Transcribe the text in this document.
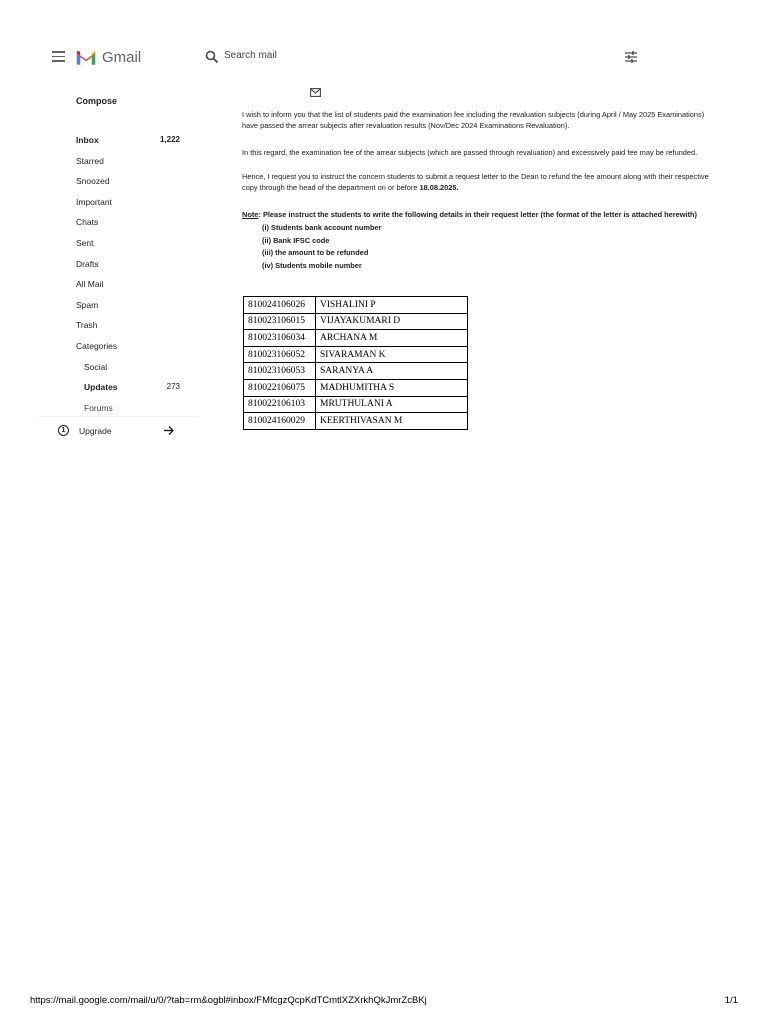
Gmail
Search mail
Compose
Inbox	1,222
Starred
Snoozed
Important
Chats
Sent
Drafts
All Mail
Spam
Trash
Categories
Social
Updates	273
Forums
1	Upgrade

I wish to inform you that the list of students paid the examination fee including the revaluation subjects (during April / May 2025 Examinations)

have passed the arrear subjects after revaluation results (Nov/Dec 2024 Examinations Revaluation).

In this regard, the examination fee of the arrear subjects (which are passed through revaluation) and excessively paid fee may be refunded.

Hence, I request you to instruct the concern students to submit a request letter to the Dean to refund the fee amount along with their respective

copy through the head of the department on or before 18.08.2025.

Note: Please instruct the students to write the following details in their request letter (the format of the letter is attached herewith)

(i) Students bank account number
(ii) Bank IFSC code
(iii) the amount to be refunded
(iv) Students mobile number
810024106026	VISHALINI P
810023106015	VIJAYAKUMARI D
810023106034	ARCHANA M
810023106052	SIVARAMAN K
810023106053	SARANYA A
810022106075	MADHUMITHA S
810022106103	MRUTHULANI A
810024160029	KEERTHIVASAN M
https://mail.google.com/mail/u/0/?tab=rm&ogbl#inbox/FMfcgzQcpKdTCmtlXZXrkhQkJmrZcBKj	1/1
